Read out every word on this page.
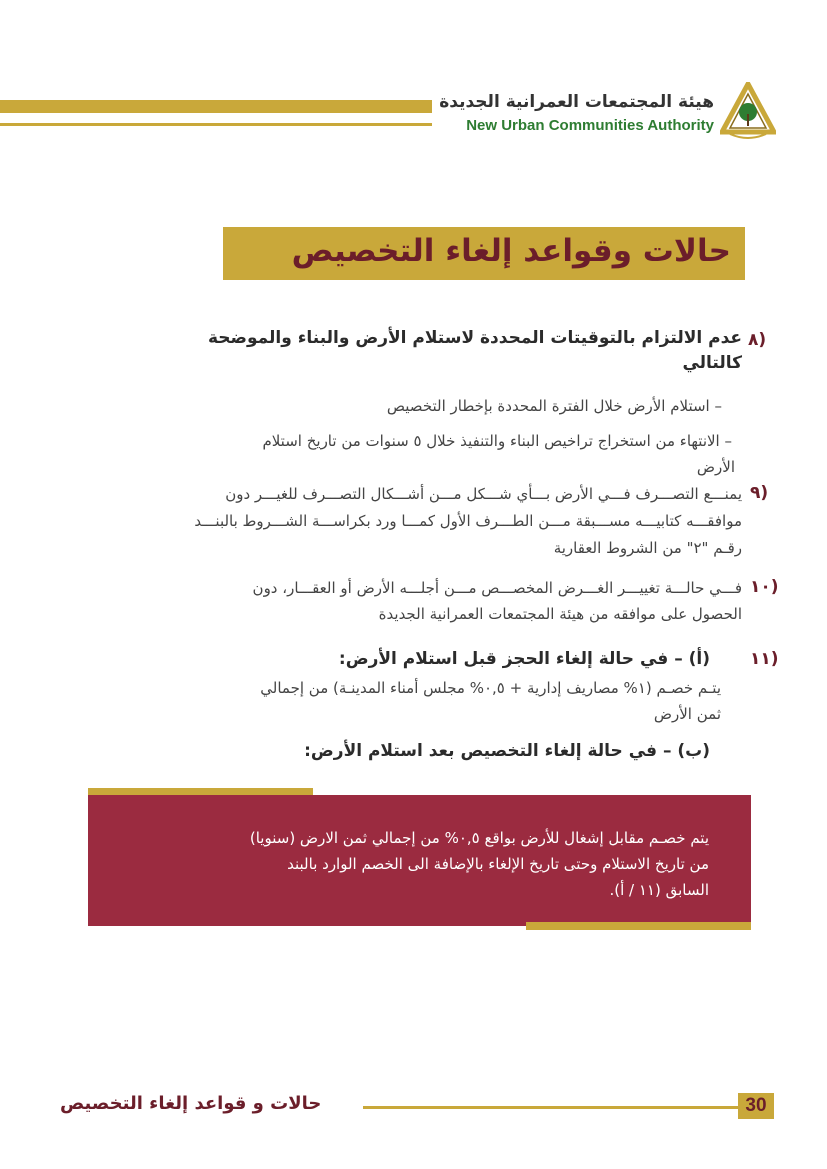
هيئة المجتمعات العمرانية الجديدة
New Urban Communities Authority
حالات وقواعد إلغاء التخصيص
(٨
عدم الالتزام بالتوقيتات المحددة لاستلام الأرض والبناء والموضحة
كالتالي
– استلام الأرض خلال الفترة المحددة بإخطار التخصيص
– الانتهاء من استخراج تراخيص البناء والتنفيذ خلال ٥ سنوات من تاريخ استلام
الأرض
(٩
يمنـــع التصـــرف فـــي الأرض بـــأي شـــكل مـــن أشـــكال التصـــرف للغيـــر دون
موافقـــه كتابيـــه مســـبقة مـــن الطـــرف الأول كمـــا ورد بكراســـة الشـــروط بالبنـــد
رقـم "٢" من الشروط العقارية
(١٠
فـــي حالـــة تغييـــر الغـــرض المخصـــص مـــن أجلـــه الأرض أو العقـــار، دون
الحصول على موافقه من هيئة المجتمعات العمرانية الجديدة
(١١
(أ) – في حالة إلغاء الحجز قبل استلام الأرض:
يتـم خصـم (١% مصاريف إدارية + ٠,٥% مجلس أمناء المدينـة) من إجمالي
ثمن الأرض
(ب) – في حالة إلغاء التخصيص بعد استلام الأرض:
يتم خصـم مقابل إشغال للأرض بواقع ٠,٥% من إجمالي ثمن الارض (سنويا)
من تاريخ الاستلام وحتى تاريخ الإلغاء بالإضافة الى الخصم الوارد بالبند
السابق (١١ / أ).
حالات و قواعد إلغاء التخصيص	30
